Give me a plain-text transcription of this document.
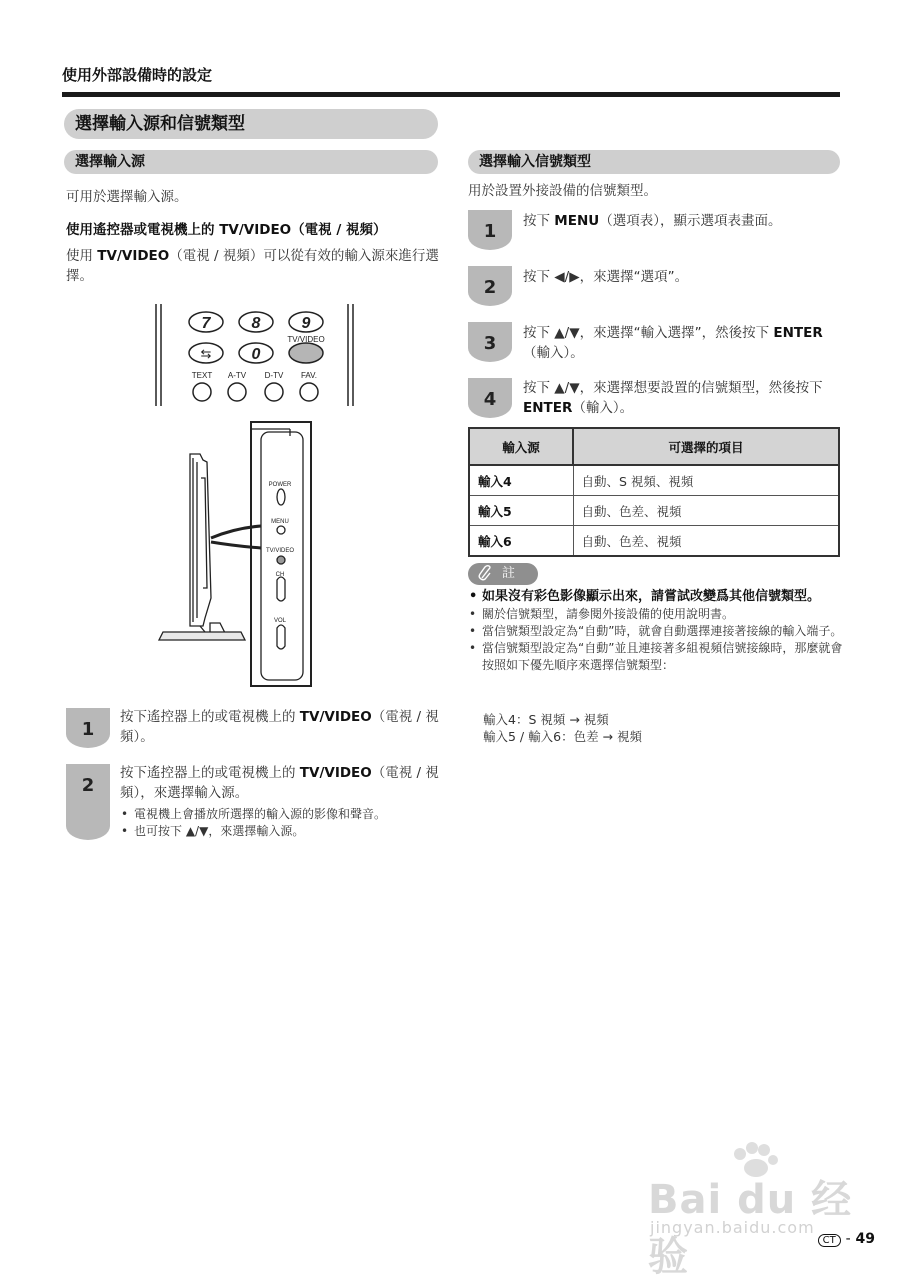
使用外部設備時的設定
選擇輸入源和信號類型
選擇輸入源
可用於選擇輸入源。
使用遙控器或電視機上的 TV/VIDEO（電視 / 視頻）
使用 TV/VIDEO（電視 / 視頻）可以從有效的輸入源來進行選擇。
7	8	9
⇆	0
TV/VIDEO
TEXT A-TV D-TV FAV.
POWER
MENU
TV/VIDEO
CH
VOL
1
按下遙控器上的或電視機上的 TV/VIDEO（電視 / 視頻）。
2
按下遙控器上的或電視機上的 TV/VIDEO（電視 / 視頻），來選擇輸入源。
• 電視機上會播放所選擇的輸入源的影像和聲音。
• 也可按下 ▲/▼，來選擇輸入源。
選擇輸入信號類型
用於設置外接設備的信號類型。
1	按下 MENU（選項表），顯示選項表畫面。
2	按下 ◀/▶，來選擇“選項”。
3	按下 ▲/▼，來選擇“輸入選擇”，然後按下 ENTER（輸入）。
4
按下 ▲/▼，來選擇想要設置的信號類型，然後按下 ENTER（輸入）。
輸入源	可選擇的項目
輸入4	自動、S 視頻、視頻
輸入5	自動、色差、視頻
輸入6	自動、色差、視頻
註
• 如果沒有彩色影像顯示出來，請嘗試改變爲其他信號類型。
• 關於信號類型，請參閱外接設備的使用說明書。
• 當信號類型設定為“自動”時，就會自動選擇連接著接線的輸入端子。
• 當信號類型設定為“自動”並且連接著多組視頻信號接線時，那麼就會按照如下優先順序來選擇信號類型：
輸入4：S 視頻 → 視頻
輸入5 / 輸入6：色差 → 視頻
Bai du 经验
jingyan.baidu.com
CT - 49
